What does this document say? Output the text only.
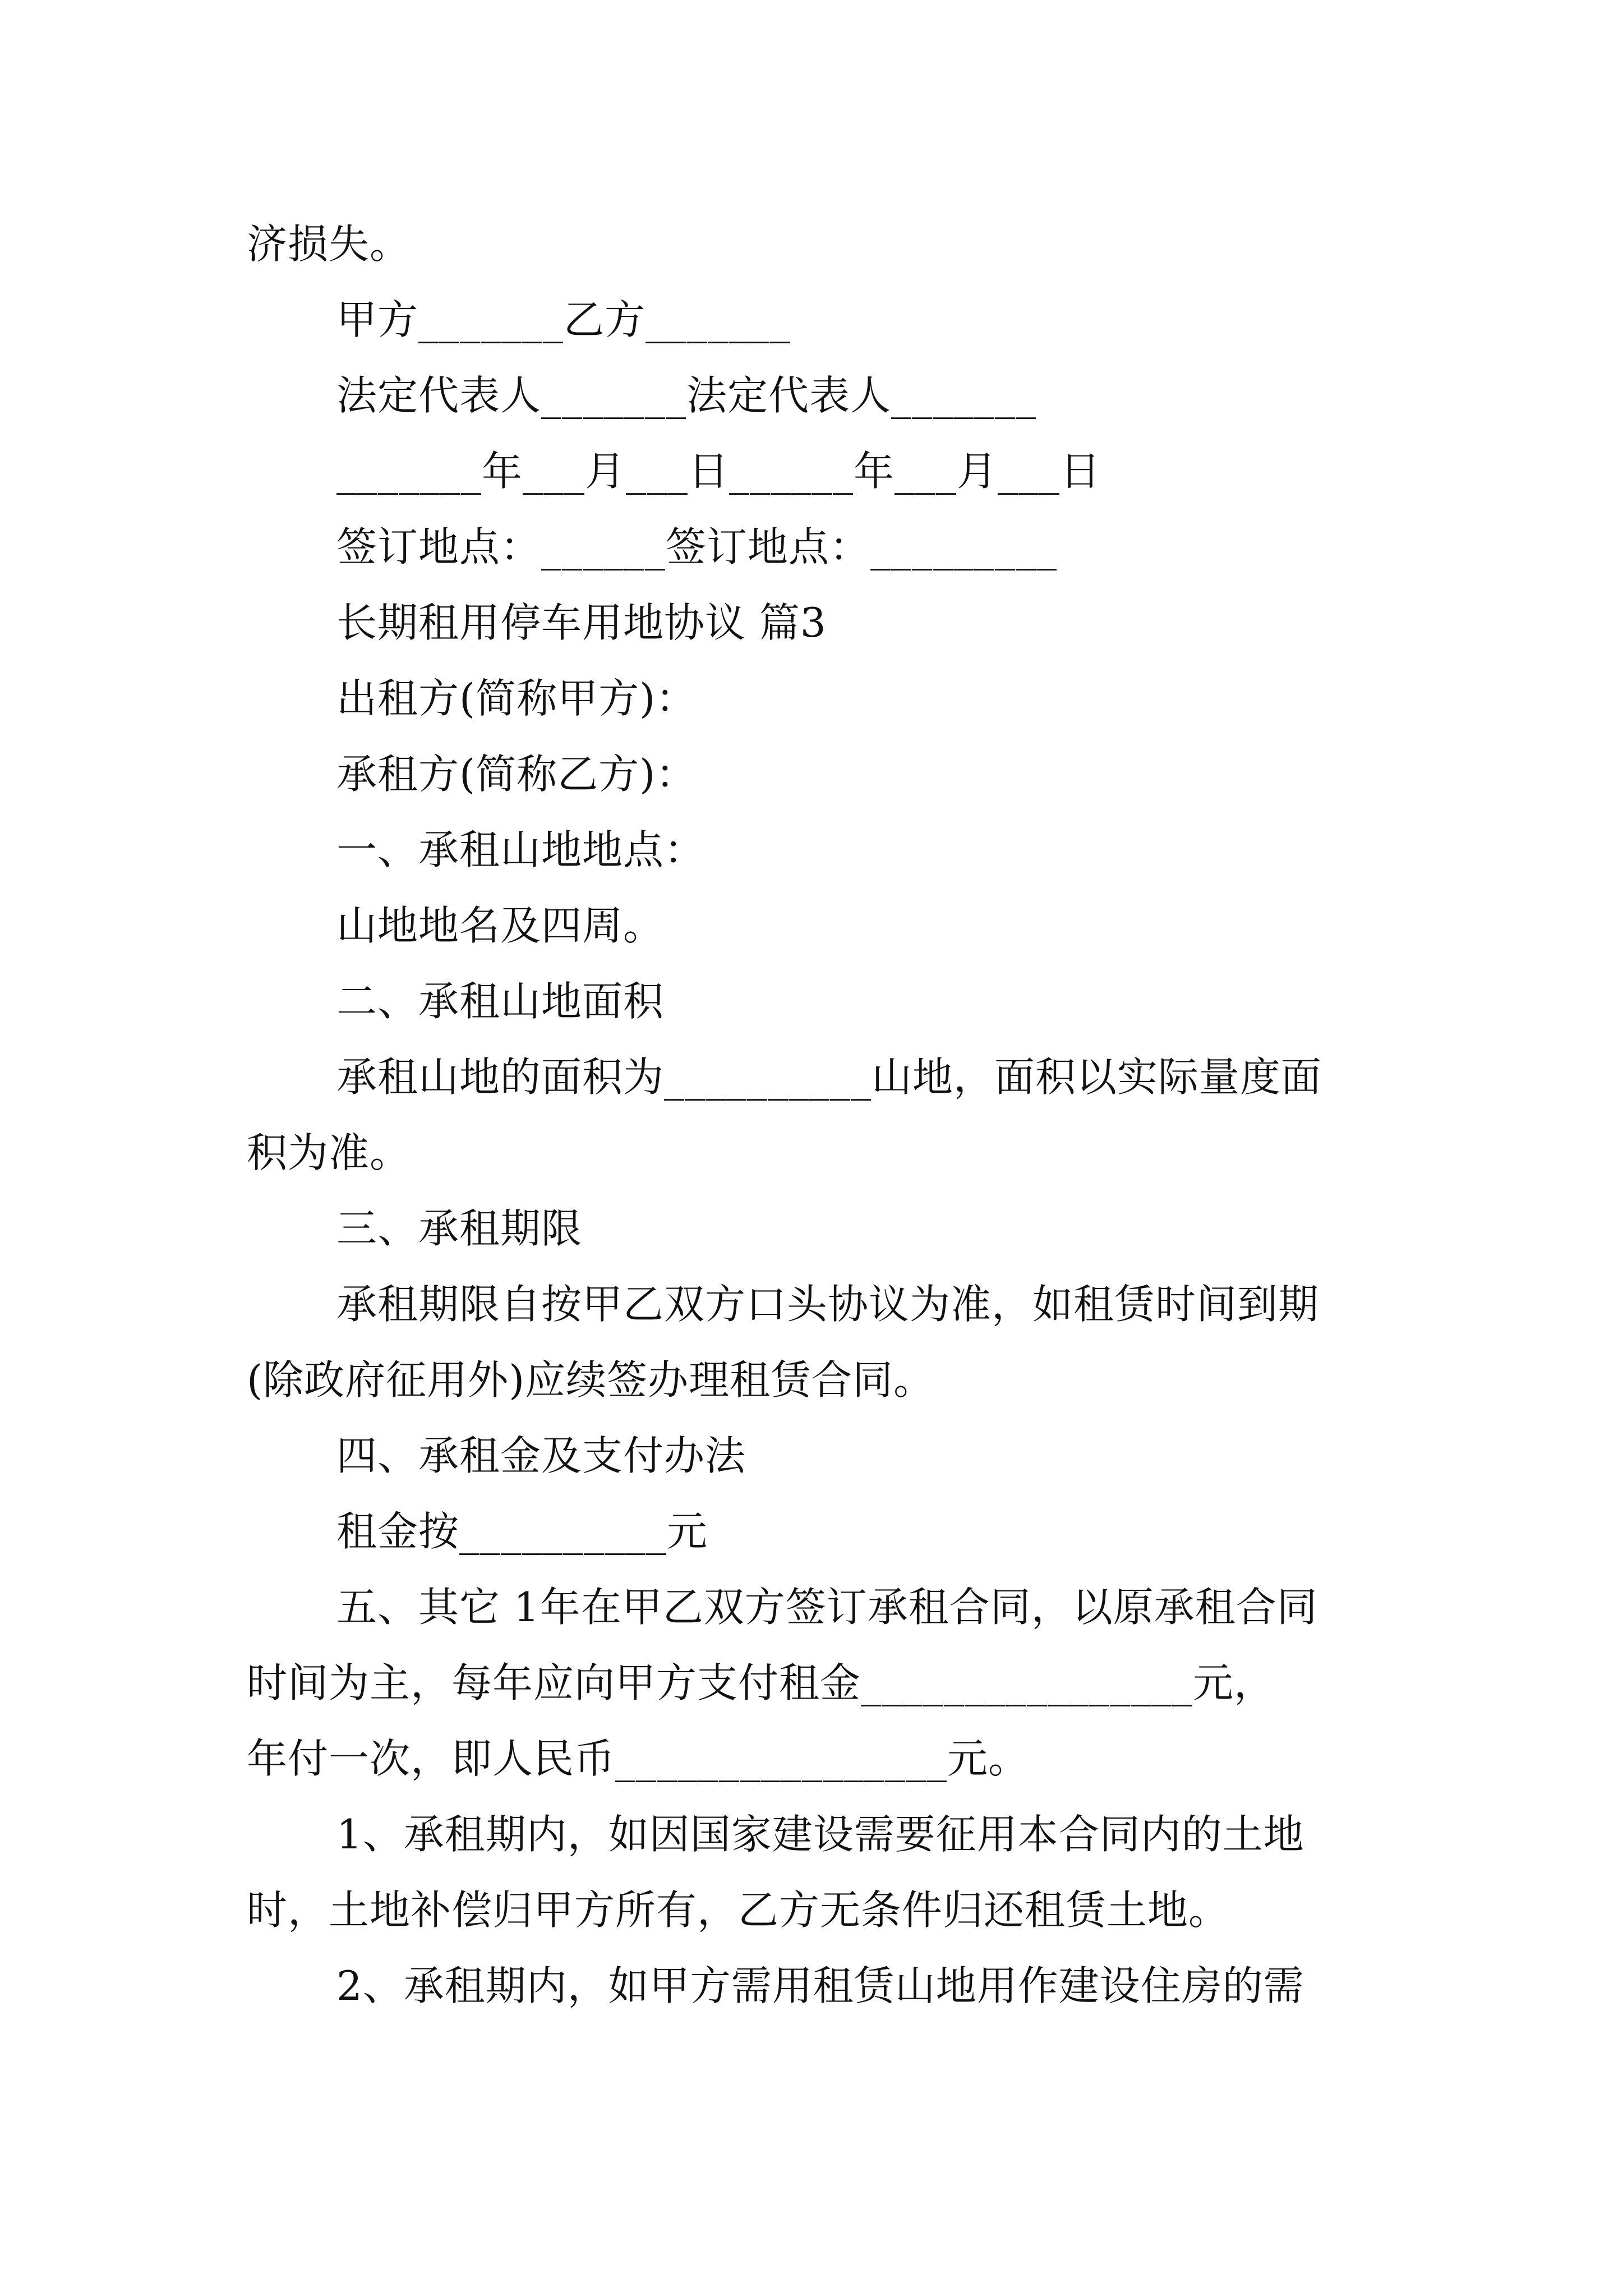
济损失。
甲方_______乙方_______
法定代表人_______法定代表人_______
_______年___月___日______年___月___日
签订地点：______签订地点：_________
长期租用停车用地协议 篇3
出租方(简称甲方)：
承租方(简称乙方)：
一、承租山地地点：
山地地名及四周。
二、承租山地面积
承租山地的面积为__________山地，面积以实际量度面
积为准。
三、承租期限
承租期限自按甲乙双方口头协议为准，如租赁时间到期
(除政府征用外)应续签办理租赁合同。
四、承租金及支付办法
租金按__________元
五、其它 1年在甲乙双方签订承租合同，以原承租合同
时间为主，每年应向甲方支付租金________________元，
年付一次，即人民币________________元。
1、承租期内，如因国家建设需要征用本合同内的土地
时，土地补偿归甲方所有，乙方无条件归还租赁土地。
2、承租期内，如甲方需用租赁山地用作建设住房的需
